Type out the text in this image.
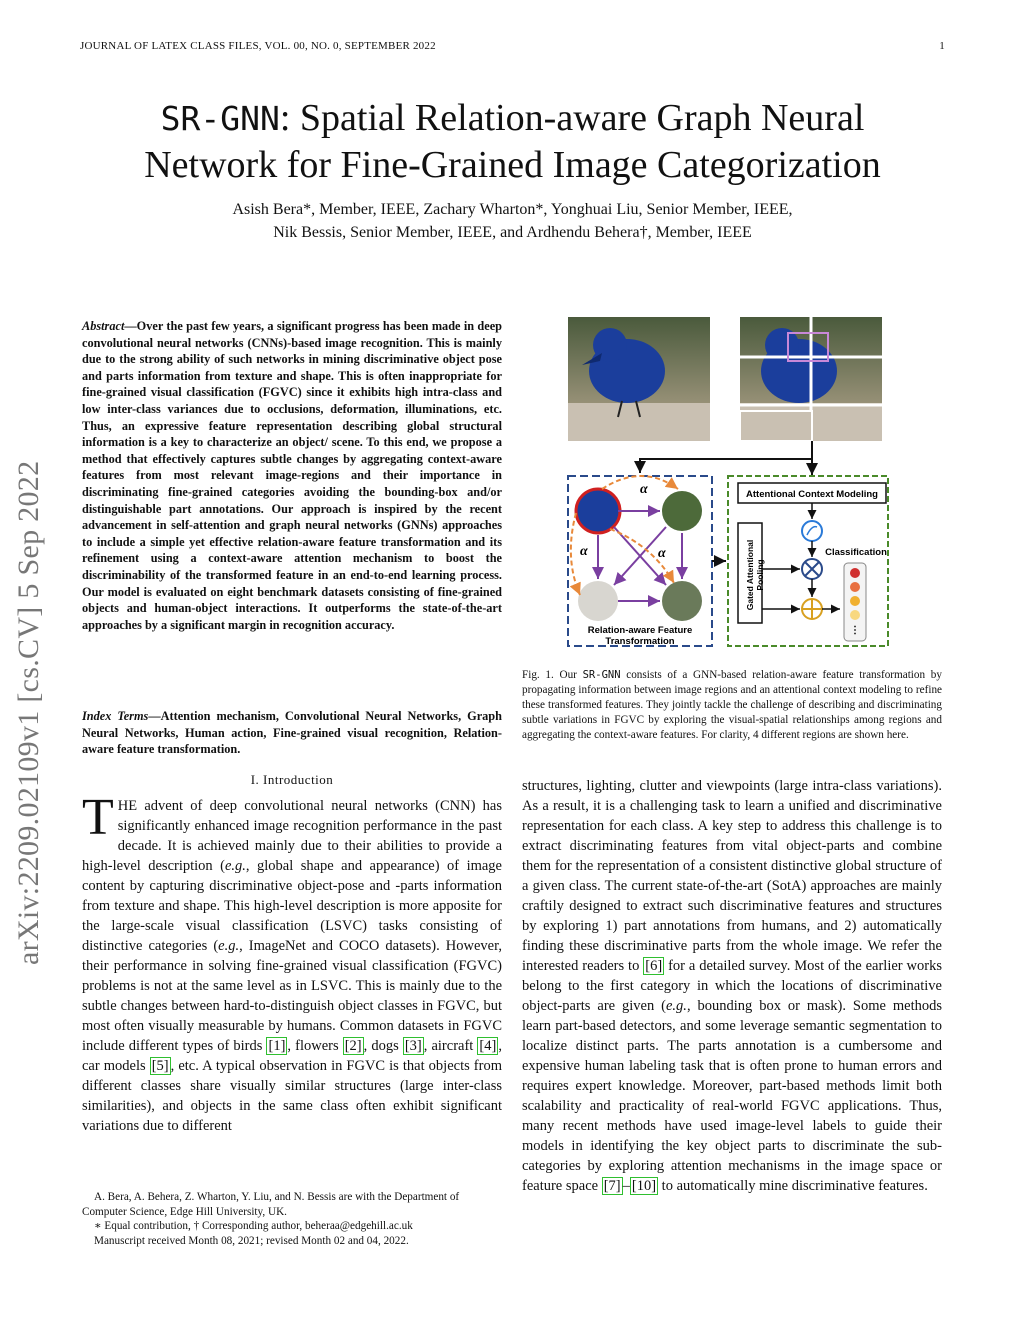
JOURNAL OF LATEX CLASS FILES, VOL. 00, NO. 0, SEPTEMBER 2022	1
SR-GNN: Spatial Relation-aware Graph Neural
Network for Fine-Grained Image Categorization
Asish Bera*, Member, IEEE, Zachary Wharton*, Yonghuai Liu, Senior Member, IEEE,
Nik Bessis, Senior Member, IEEE, and Ardhendu Behera†, Member, IEEE
arXiv:2209.02109v1 [cs.CV] 5 Sep 2022
Abstract—Over the past few years, a significant progress has been made in deep convolutional neural networks (CNNs)-based image recognition. This is mainly due to the strong ability of such networks in mining discriminative object pose and parts information from texture and shape. This is often inappropriate for fine-grained visual classification (FGVC) since it exhibits high intra-class and low inter-class variances due to occlusions, deformation, illuminations, etc. Thus, an expressive feature representation describing global structural information is a key to characterize an object/ scene. To this end, we propose a method that effectively captures subtle changes by aggregating context-aware features from most relevant image-regions and their importance in discriminating fine-grained categories avoiding the bounding-box and/or distinguishable part annotations. Our approach is inspired by the recent advancement in self-attention and graph neural networks (GNNs) approaches to include a simple yet effective relation-aware feature transformation and its refinement using a context-aware attention mechanism to boost the discriminability of the transformed feature in an end-to-end learning process. Our model is evaluated on eight benchmark datasets consisting of fine-grained objects and human-object interactions. It outperforms the state-of-the-art approaches by a significant margin in recognition accuracy.
Index Terms—Attention mechanism, Convolutional Neural Networks, Graph Neural Networks, Human action, Fine-grained visual recognition, Relation-aware feature transformation.
I. Introduction
THE advent of deep convolutional neural networks (CNN) has significantly enhanced image recognition performance in the past decade. It is achieved mainly due to their abilities to provide a high-level description (e.g., global shape and appearance) of image content by capturing discriminative object-pose and -parts information from texture and shape. This high-level description is more apposite for the large-scale visual classification (LSVC) tasks consisting of distinctive categories (e.g., ImageNet and COCO datasets). However, their performance in solving fine-grained visual classification (FGVC) problems is not at the same level as in LSVC. This is mainly due to the subtle changes between hard-to-distinguish object classes in FGVC, but most often visually measurable by humans. Common datasets in FGVC include different types of birds [1] , flowers [2] , dogs [3] , aircraft [4] , car models [5] , etc. A typical observation in FGVC is that objects from different classes share visually similar structures (large inter-class similarities), and objects in the same class often exhibit significant variations due to different

A. Bera, A. Behera, Z. Wharton, Y. Liu, and N. Bessis are with the Department of Computer Science, Edge Hill University, UK.

∗ Equal contribution, † Corresponding author, beheraa@edgehill.ac.uk

Manuscript received Month 08, 2021; revised Month 02 and 04, 2022.

α
α	α
Relation-aware Feature
Transformation
Attentional Context Modeling
Gated Attentional Pooling
Classification
⋮
Fig. 1. Our SR-GNN consists of a GNN-based relation-aware feature transformation by propagating information between image regions and an attentional context modeling to refine these transformed features. They jointly tackle the challenge of describing and discriminating subtle variations in FGVC by exploring the visual-spatial relationships among regions and aggregating the context-aware features. For clarity, 4 different regions are shown here.
structures, lighting, clutter and viewpoints (large intra-class variations). As a result, it is a challenging task to learn a unified and discriminative representation for each class. A key step to address this challenge is to extract discriminating features from vital object-parts and combine them for the representation of a consistent distinctive global structure of a given class. The current state-of-the-art (SotA) approaches are mainly craftily designed to extract such discriminative features and structures by exploring 1) part annotations from humans, and 2) automatically finding these discriminative parts from the whole image. We refer the interested readers to [6] for a detailed survey. Most of the earlier works belong to the first category in which the locations of discriminative object-parts are given (e.g., bounding box or mask). Some methods learn part-based detectors, and some leverage semantic segmentation to localize distinct parts. The parts annotation is a cumbersome and expensive human labeling task that is often prone to human errors and requires expert knowledge. Moreover, part-based methods limit both scalability and practicality of real-world FGVC applications. Thus, many recent methods have used image-level labels to guide their models in identifying the key object parts to discriminate the sub-categories by exploring attention mechanisms in the image space or feature space [7] – [10] to automatically mine discriminative features.
